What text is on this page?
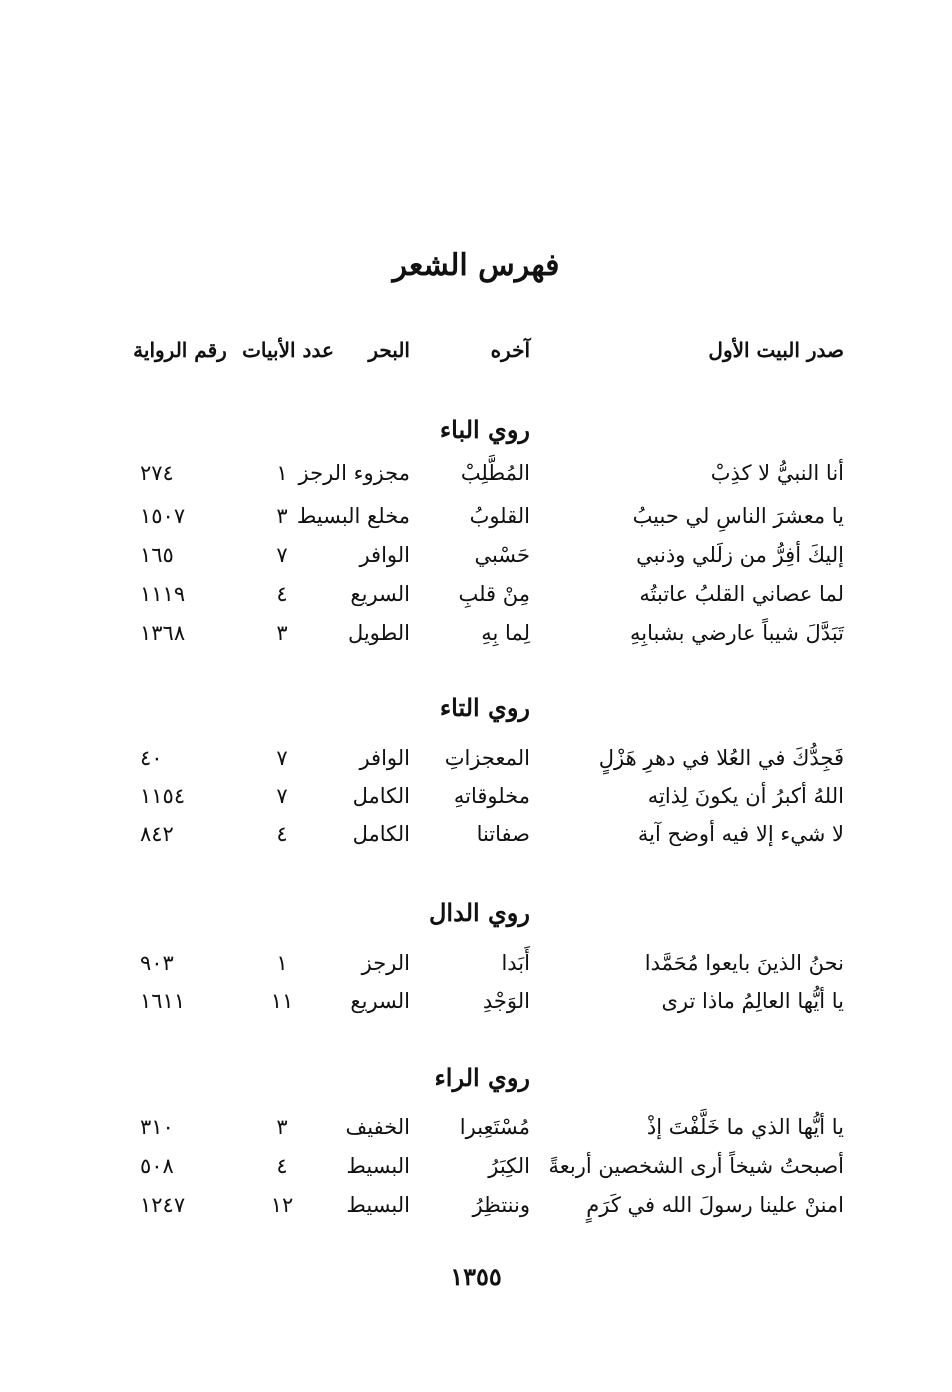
فهرس الشعر
صدر البيت الأول
آخره
البحر
عدد الأبيات
رقم الرواية
روي الباء
أنا النبيُّ لا كذِبْ
المُطَّلِبْ
مجزوء الرجز
١
٢٧٤
يا معشرَ الناسِ لي حبيبُ
القلوبُ
مخلع البسيط
٣
١٥٠٧
إليكَ أفِرُّ من زلَلي وذنبي
حَسْبي
الوافر
٧
١٦٥
لما عصاني القلبُ عاتبتُه
مِنْ قلبِ
السريع
٤
١١١٩
تَبَدَّلَ شيباً عارضي بشبابِهِ
لِما بِهِ
الطويل
٣
١٣٦٨
روي التاء
فَجِدُّكَ في العُلا في دهرِ هَزْلٍ
المعجزاتِ
الوافر
٧
٤٠
اللهُ أكبرُ أن يكونَ لِذاتِه
مخلوقاتهِ
الكامل
٧
١١٥٤
لا شيء إلا فيه أوضح آية
صفاتنا
الكامل
٤
٨٤٢
روي الدال
نحنُ الذينَ بايعوا مُحَمَّدا
أَبَدا
الرجز
١
٩٠٣
يا أيُّها العالِمُ ماذا ترى
الوَجْدِ
السريع
١١
١٦١١
روي الراء
يا أيُّها الذي ما خَلَّفْتَ إذْ
مُسْتَعِبرا
الخفيف
٣
٣١٠
أصبحتُ شيخاً أرى الشخصين أربعةً
الكِبَرُ
البسيط
٤
٥٠٨
امننْ علينا رسولَ الله في كَرَمٍ
وننتظِرُ
البسيط
١٢
١٢٤٧
١٣٥٥
